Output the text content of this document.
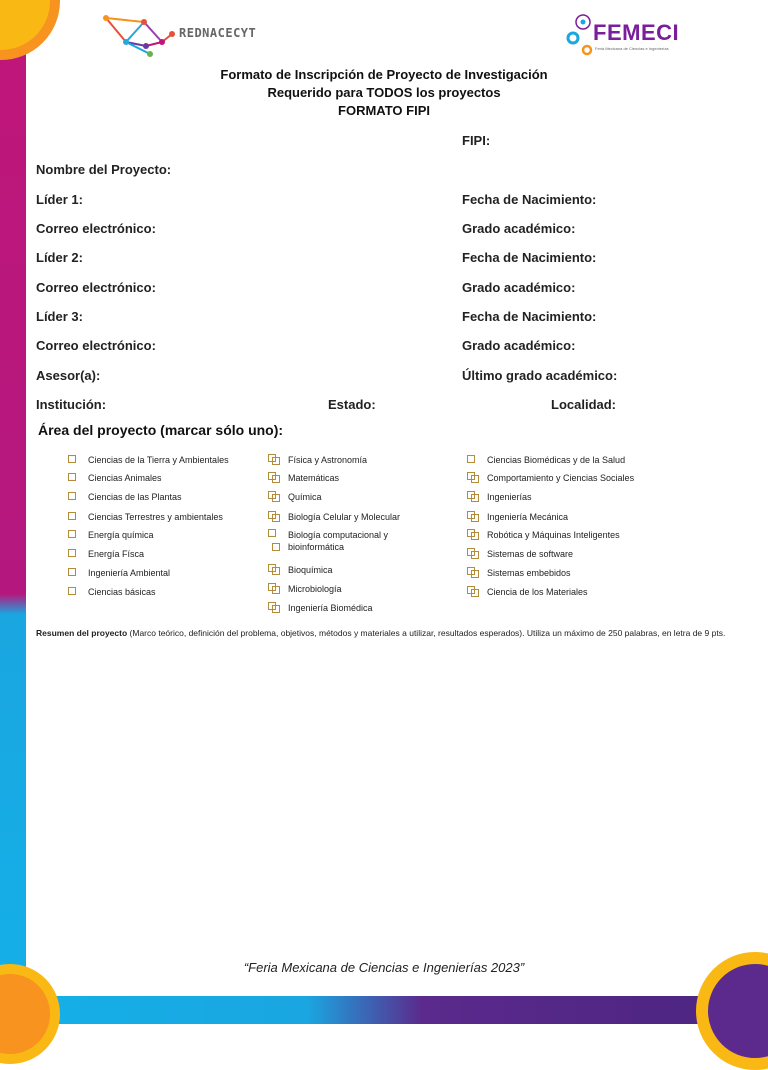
REDNACECYT	FEMECI
Feria Mexicana de Ciencias e Ingenierías
Formato de Inscripción de Proyecto de Investigación
Requerido para TODOS los proyectos
FORMATO FIPI
FIPI:
Nombre del Proyecto:
Líder 1:	Fecha de Nacimiento:
Correo electrónico:	Grado académico:
Líder 2:	Fecha de Nacimiento:
Correo electrónico:	Grado académico:
Líder 3:	Fecha de Nacimiento:
Correo electrónico:	Grado académico:
Asesor(a):	Último grado académico:
Institución:	Estado:	Localidad:
Área del proyecto (marcar sólo uno):
Ciencias de la Tierra y Ambientales
Ciencias Animales
Ciencias de las Plantas
Ciencias Terrestres y ambientales
Energía química
Energía Físca
Ingeniería Ambiental
Ciencias básicas
Física y Astronomía
Matemáticas
Química
Biología Celular y Molecular
Biología computacional y bioinformática
Bioquímica
Microbiología
Ingeniería Biomédica
Ciencias Biomédicas y de la Salud
Comportamiento y Ciencias Sociales
Ingenierías
Ingeniería Mecánica
Robótica y Máquinas Inteligentes
Sistemas de software
Sistemas embebidos
Ciencia de los Materiales
Resumen del proyecto (Marco teórico, definición del problema, objetivos, métodos y materiales a utilizar, resultados esperados). Utiliza un máximo de 250 palabras, en letra de 9 pts.
“Feria Mexicana de Ciencias e Ingenierías 2023”
